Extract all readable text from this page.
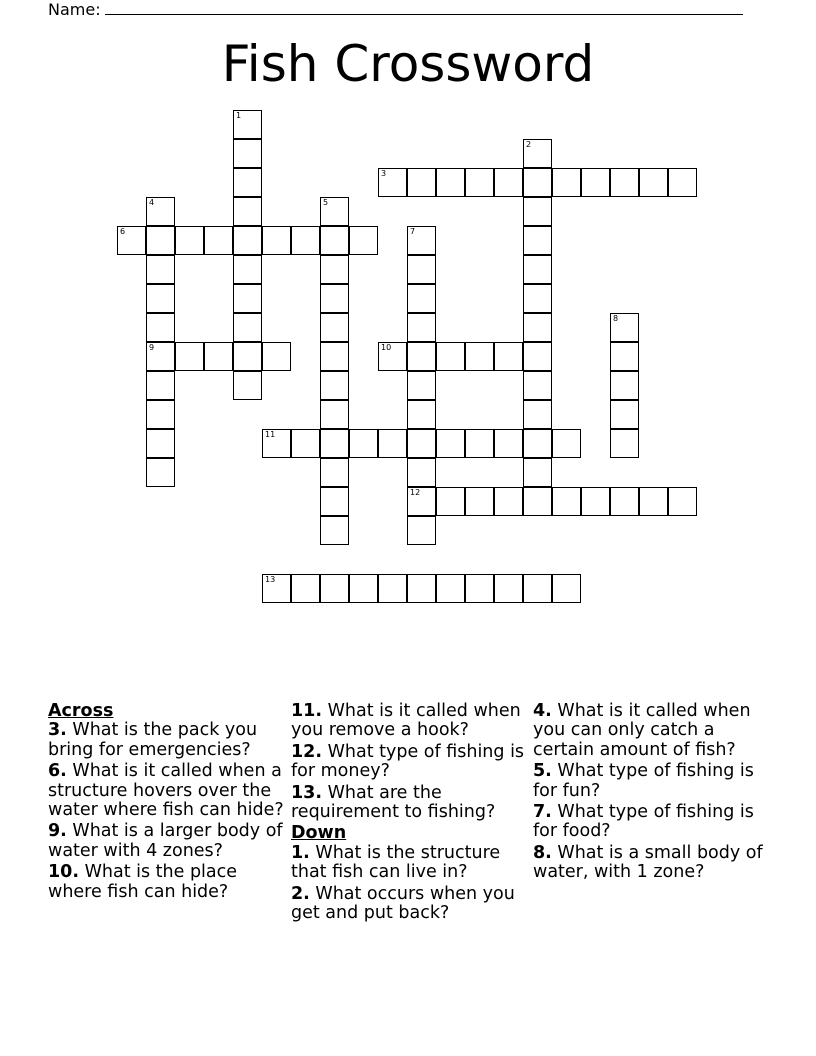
Name:
Fish Crossword
1
2
3
4
9
5
6	7
12
8
10
11
13

Across

3. What is the pack you bring for emergencies?

6. What is it called when a structure hovers over the water where fish can hide?

9. What is a larger body of water with 4 zones?

10. What is the place where fish can hide?

11. What is it called when you remove a hook?

12. What type of fishing is for money?

13. What are the requirement to fishing?

Down

1. What is the structure that fish can live in?

2. What occurs when you get and put back?

4. What is it called when you can only catch a certain amount of fish?

5. What type of fishing is for fun?

7. What type of fishing is for food?

8. What is a small body of water, with 1 zone?
